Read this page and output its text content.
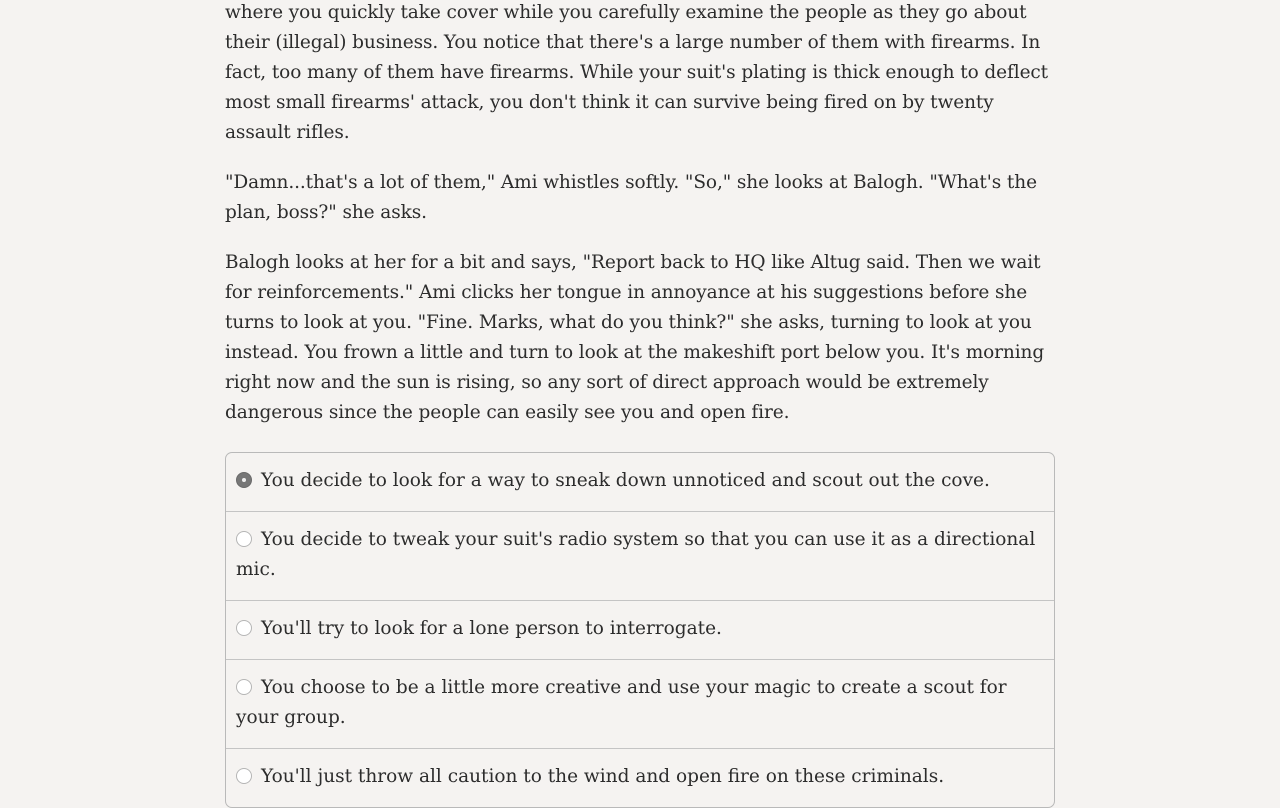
where you quickly take cover while you carefully examine the people as they go about their (illegal) business. You notice that there's a large number of them with firearms. In fact, too many of them have firearms. While your suit's plating is thick enough to deflect most small firearms' attack, you don't think it can survive being fired on by twenty assault rifles.

"Damn...that's a lot of them," Ami whistles softly. "So," she looks at Balogh. "What's the plan, boss?" she asks.

Balogh looks at her for a bit and says, "Report back to HQ like Altug said. Then we wait for reinforcements." Ami clicks her tongue in annoyance at his suggestions before she turns to look at you. "Fine. Marks, what do you think?" she asks, turning to look at you instead. You frown a little and turn to look at the makeshift port below you. It's morning right now and the sun is rising, so any sort of direct approach would be extremely dangerous since the people can easily see you and open fire.

You decide to look for a way to sneak down unnoticed and scout out the cove.
You decide to tweak your suit's radio system so that you can use it as a directional mic.
You'll try to look for a lone person to interrogate.
You choose to be a little more creative and use your magic to create a scout for your group.
You'll just throw all caution to the wind and open fire on these criminals.
